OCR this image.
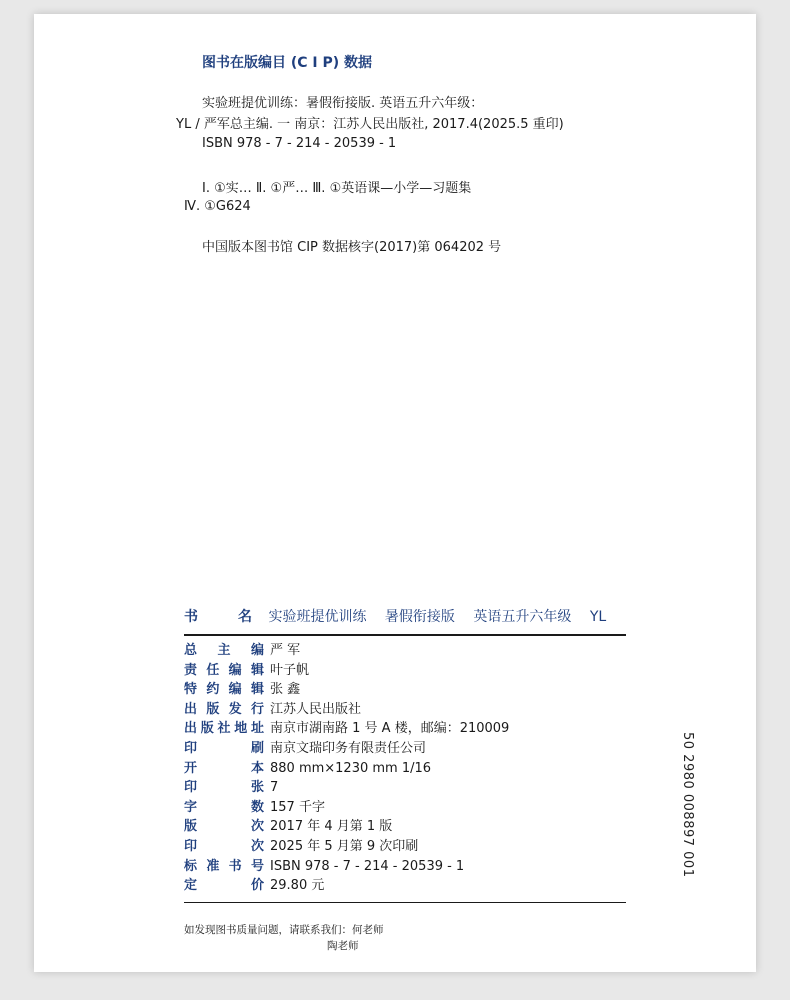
图书在版编目 (C I P) 数据
实验班提优训练：暑假衔接版. 英语五升六年级：
YL / 严军总主编. 一 南京：江苏人民出版社, 2017.4(2025.5 重印)
ISBN 978 - 7 - 214 - 20539 - 1
Ⅰ. ①实… Ⅱ. ①严… Ⅲ. ①英语课—小学—习题集
Ⅳ. ①G624
中国版本图书馆 CIP 数据核字(2017)第 064202 号
书	名 实验班提优训练 暑假衔接版 英语五升六年级 YL
总主编 严 军
责任编辑 叶子帆
特约编辑 张 鑫
出版发行 江苏人民出版社
出版社地址 南京市湖南路 1 号 A 楼，邮编：210009
印刷 南京文瑞印务有限责任公司
开本 880 mm×1230 mm 1/16
印张 7
字数 157 千字
版次 2017 年 4 月第 1 版
印次 2025 年 5 月第 9 次印刷
标准书号 ISBN 978 - 7 - 214 - 20539 - 1
定价 29.80 元
50 2980 008897 001
如发现图书质量问题，请联系我们：何老师
陶老师
